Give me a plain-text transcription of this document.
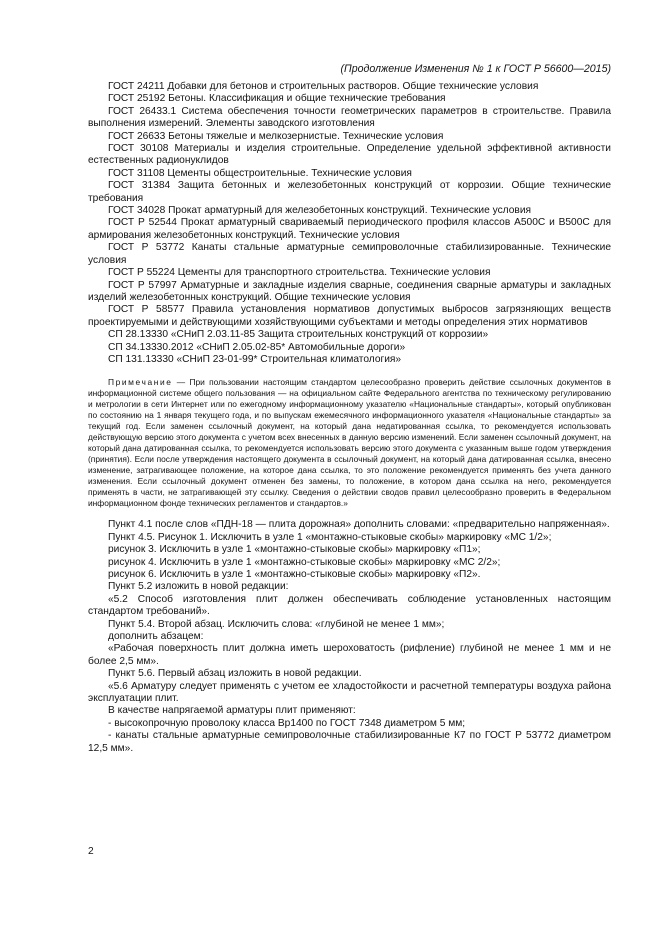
(Продолжение Изменения № 1 к ГОСТ Р 56600—2015)

ГОСТ 24211 Добавки для бетонов и строительных растворов. Общие технические условия

ГОСТ 25192 Бетоны. Классификация и общие технические требования

ГОСТ 26433.1 Система обеспечения точности геометрических параметров в строительстве. Правила выполнения измерений. Элементы заводского изготовления

ГОСТ 26633 Бетоны тяжелые и мелкозернистые. Технические условия

ГОСТ 30108 Материалы и изделия строительные. Определение удельной эффективной активности естественных радионуклидов

ГОСТ 31108 Цементы общестроительные. Технические условия

ГОСТ 31384 Защита бетонных и железобетонных конструкций от коррозии. Общие технические требования

ГОСТ 34028 Прокат арматурный для железобетонных конструкций. Технические условия

ГОСТ Р 52544 Прокат арматурный свариваемый периодического профиля классов А500С и В500С для армирования железобетонных конструкций. Технические условия

ГОСТ Р 53772 Канаты стальные арматурные семипроволочные стабилизированные. Технические условия

ГОСТ Р 55224 Цементы для транспортного строительства. Технические условия

ГОСТ Р 57997 Арматурные и закладные изделия сварные, соединения сварные арматуры и закладных изделий железобетонных конструкций. Общие технические условия

ГОСТ Р 58577 Правила установления нормативов допустимых выбросов загрязняющих веществ проектируемыми и действующими хозяйствующими субъектами и методы определения этих нормативов

СП 28.13330 «СНиП 2.03.11-85 Защита строительных конструкций от коррозии»

СП 34.13330.2012 «СНиП 2.05.02-85* Автомобильные дороги»

СП 131.13330 «СНиП 23-01-99* Строительная климатология»

Примечание — При пользовании настоящим стандартом целесообразно проверить действие ссылочных документов в информационной системе общего пользования — на официальном сайте Федерального агентства по техническому регулированию и метрологии в сети Интернет или по ежегодному информационному указателю «Национальные стандарты», который опубликован по состоянию на 1 января текущего года, и по выпускам ежемесячного информационного указателя «Национальные стандарты» за текущий год. Если заменен ссылочный документ, на который дана недатированная ссылка, то рекомендуется использовать действующую версию этого документа с учетом всех внесенных в данную версию изменений. Если заменен ссылочный документ, на который дана датированная ссылка, то рекомендуется использовать версию этого документа с указанным выше годом утверждения (принятия). Если после утверждения настоящего документа в ссылочный документ, на который дана датированная ссылка, внесено изменение, затрагивающее положение, на которое дана ссылка, то это положение рекомендуется применять без учета данного изменения. Если ссылочный документ отменен без замены, то положение, в котором дана ссылка на него, рекомендуется применять в части, не затрагивающей эту ссылку. Сведения о действии сводов правил целесообразно проверить в Федеральном информационном фонде технических регламентов и стандартов.»

Пункт 4.1 после слов «ПДН-18 — плита дорожная» дополнить словами: «предварительно напряженная».

Пункт 4.5. Рисунок 1. Исключить в узле 1 «монтажно-стыковые скобы» маркировку «МС 1/2»;

рисунок 3. Исключить в узле 1 «монтажно-стыковые скобы» маркировку «П1»;

рисунок 4. Исключить в узле 1 «монтажно-стыковые скобы» маркировку «МС 2/2»;

рисунок 6. Исключить в узле 1 «монтажно-стыковые скобы» маркировку «П2».

Пункт 5.2 изложить в новой редакции:

«5.2 Способ изготовления плит должен обеспечивать соблюдение установленных настоящим стандартом требований».

Пункт 5.4. Второй абзац. Исключить слова: «глубиной не менее 1 мм»;

дополнить абзацем:

«Рабочая поверхность плит должна иметь шероховатость (рифление) глубиной не менее 1 мм и не более 2,5 мм».

Пункт 5.6. Первый абзац изложить в новой редакции.

«5.6 Арматуру следует применять с учетом ее хладостойкости и расчетной температуры воздуха района эксплуатации плит.

В качестве напрягаемой арматуры плит применяют:

- высокопрочную проволоку класса Вр1400 по ГОСТ 7348 диаметром 5 мм;

- канаты стальные арматурные семипроволочные стабилизированные К7 по ГОСТ Р 53772 диаметром 12,5 мм».

2
